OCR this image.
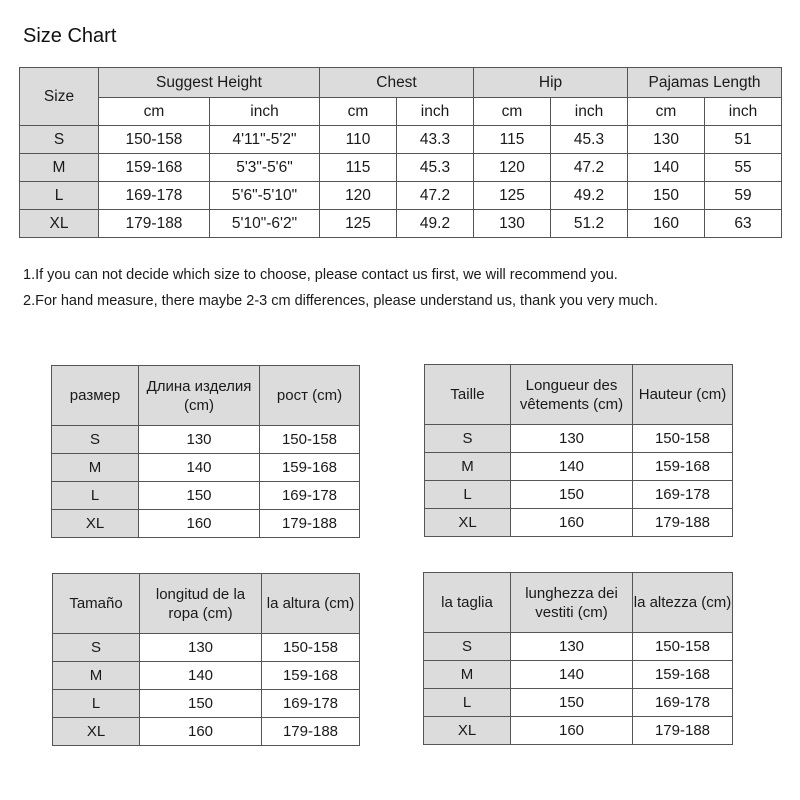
Size Chart
Size	Suggest Height		Chest		Hip		Pajamas Length	
	cm	inch	cm	inch	cm	inch	cm	inch
S	150-158	4'11"-5'2"	110	43.3	115	45.3	130	51
M	159-168	5'3"-5'6"	115	45.3	120	47.2	140	55
L	169-178	5'6"-5'10"	120	47.2	125	49.2	150	59
XL	179-188	5'10"-6'2"	125	49.2	130	51.2	160	63
1.If you can not decide which size to choose, please contact us first, we will recommend you.
2.For hand measure, there maybe 2-3 cm differences, please understand us, thank you very much.
размер	Длина изделия (cm)	рост (cm)
S	130	150-158
M	140	159-168
L	150	169-178
XL	160	179-188
Taille	Longueur des vêtements (cm)	Hauteur (cm)
S	130	150-158
M	140	159-168
L	150	169-178
XL	160	179-188
Tamaño	longitud de la ropa (cm)	la altura (cm)
S	130	150-158
M	140	159-168
L	150	169-178
XL	160	179-188
la taglia	lunghezza dei vestiti (cm)	la altezza (cm)
S	130	150-158
M	140	159-168
L	150	169-178
XL	160	179-188
